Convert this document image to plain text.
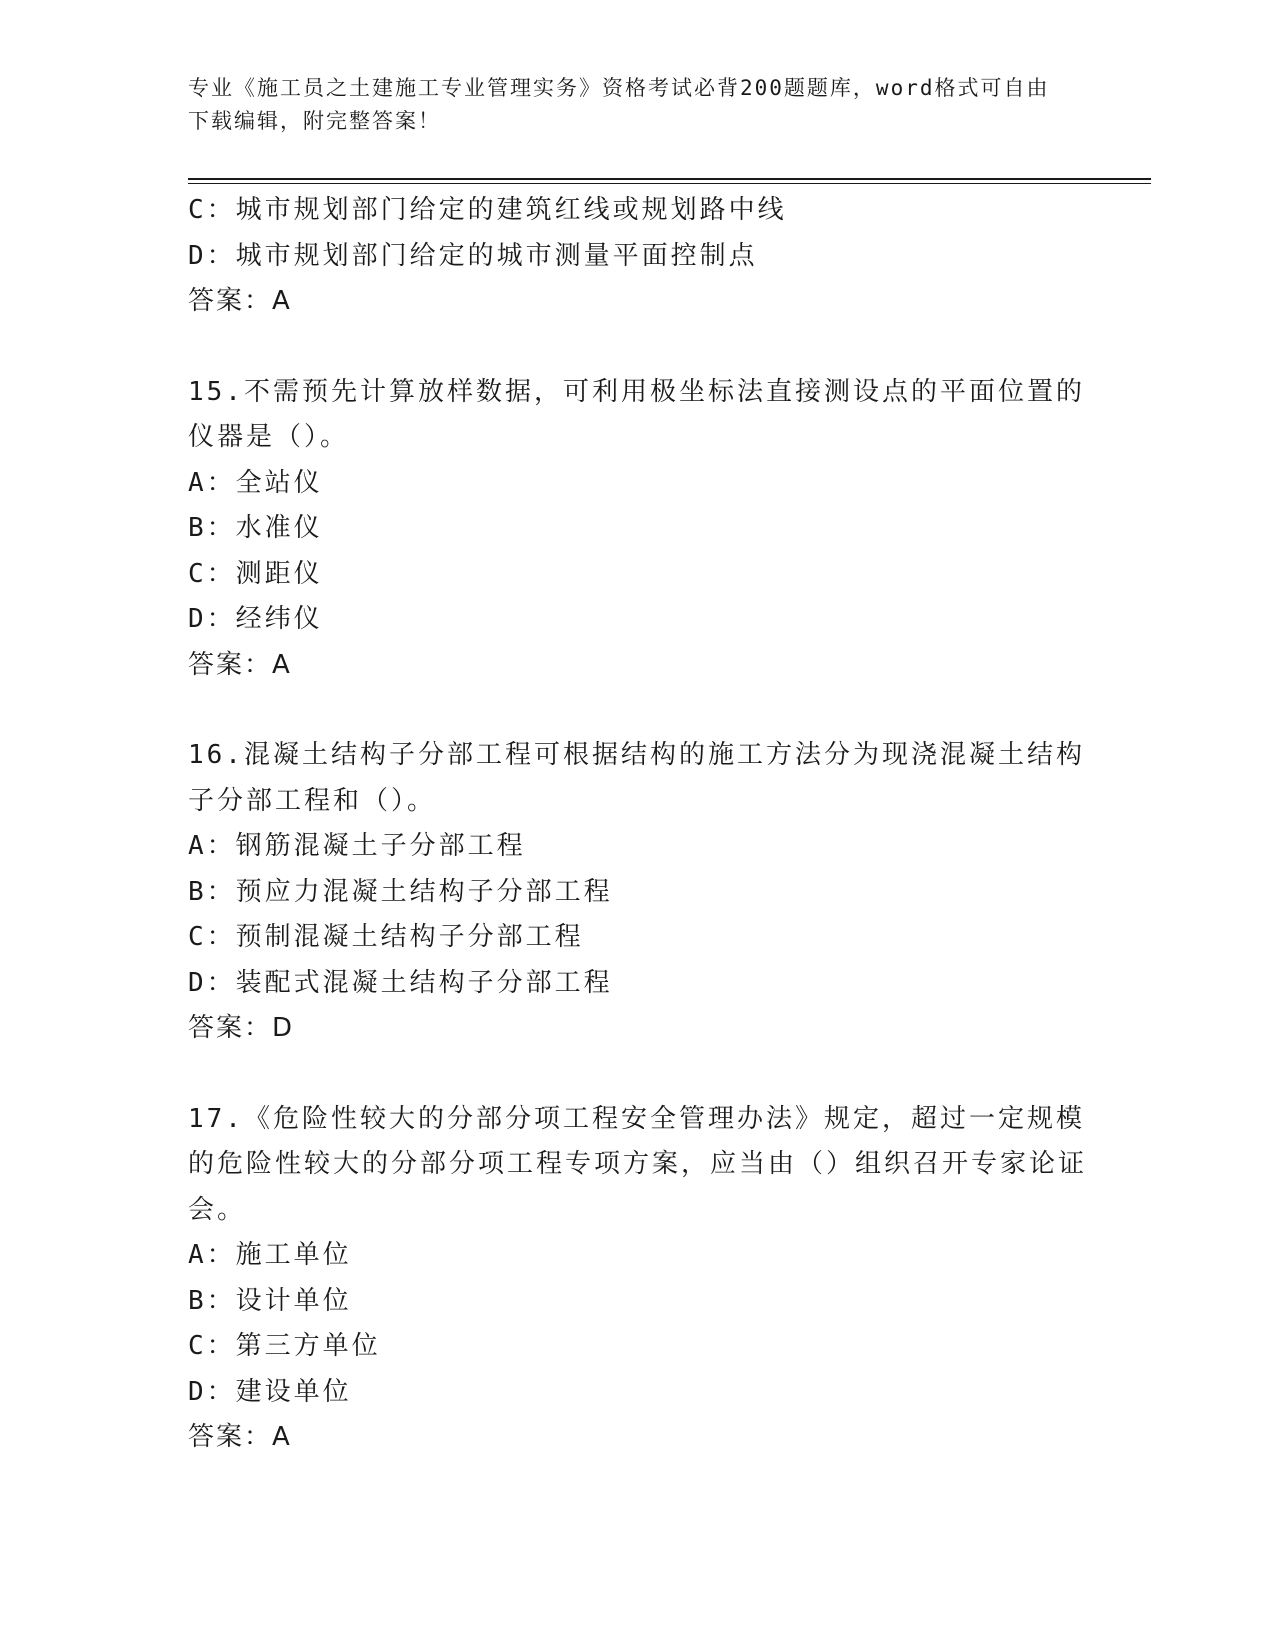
专业《施工员之土建施工专业管理实务》资格考试必背200题题库，word格式可自由下载编辑，附完整答案！
C：城市规划部门给定的建筑红线或规划路中线
D：城市规划部门给定的城市测量平面控制点
答案：A
15.不需预先计算放样数据，可利用极坐标法直接测设点的平面位置的仪器是（）。
A：全站仪
B：水准仪
C：测距仪
D：经纬仪
答案：A
16.混凝土结构子分部工程可根据结构的施工方法分为现浇混凝土结构子分部工程和（）。
A：钢筋混凝土子分部工程
B：预应力混凝土结构子分部工程
C：预制混凝土结构子分部工程
D：装配式混凝土结构子分部工程
答案：D
17.《危险性较大的分部分项工程安全管理办法》规定，超过一定规模的危险性较大的分部分项工程专项方案，应当由（）组织召开专家论证会。
A：施工单位
B：设计单位
C：第三方单位
D：建设单位
答案：A
